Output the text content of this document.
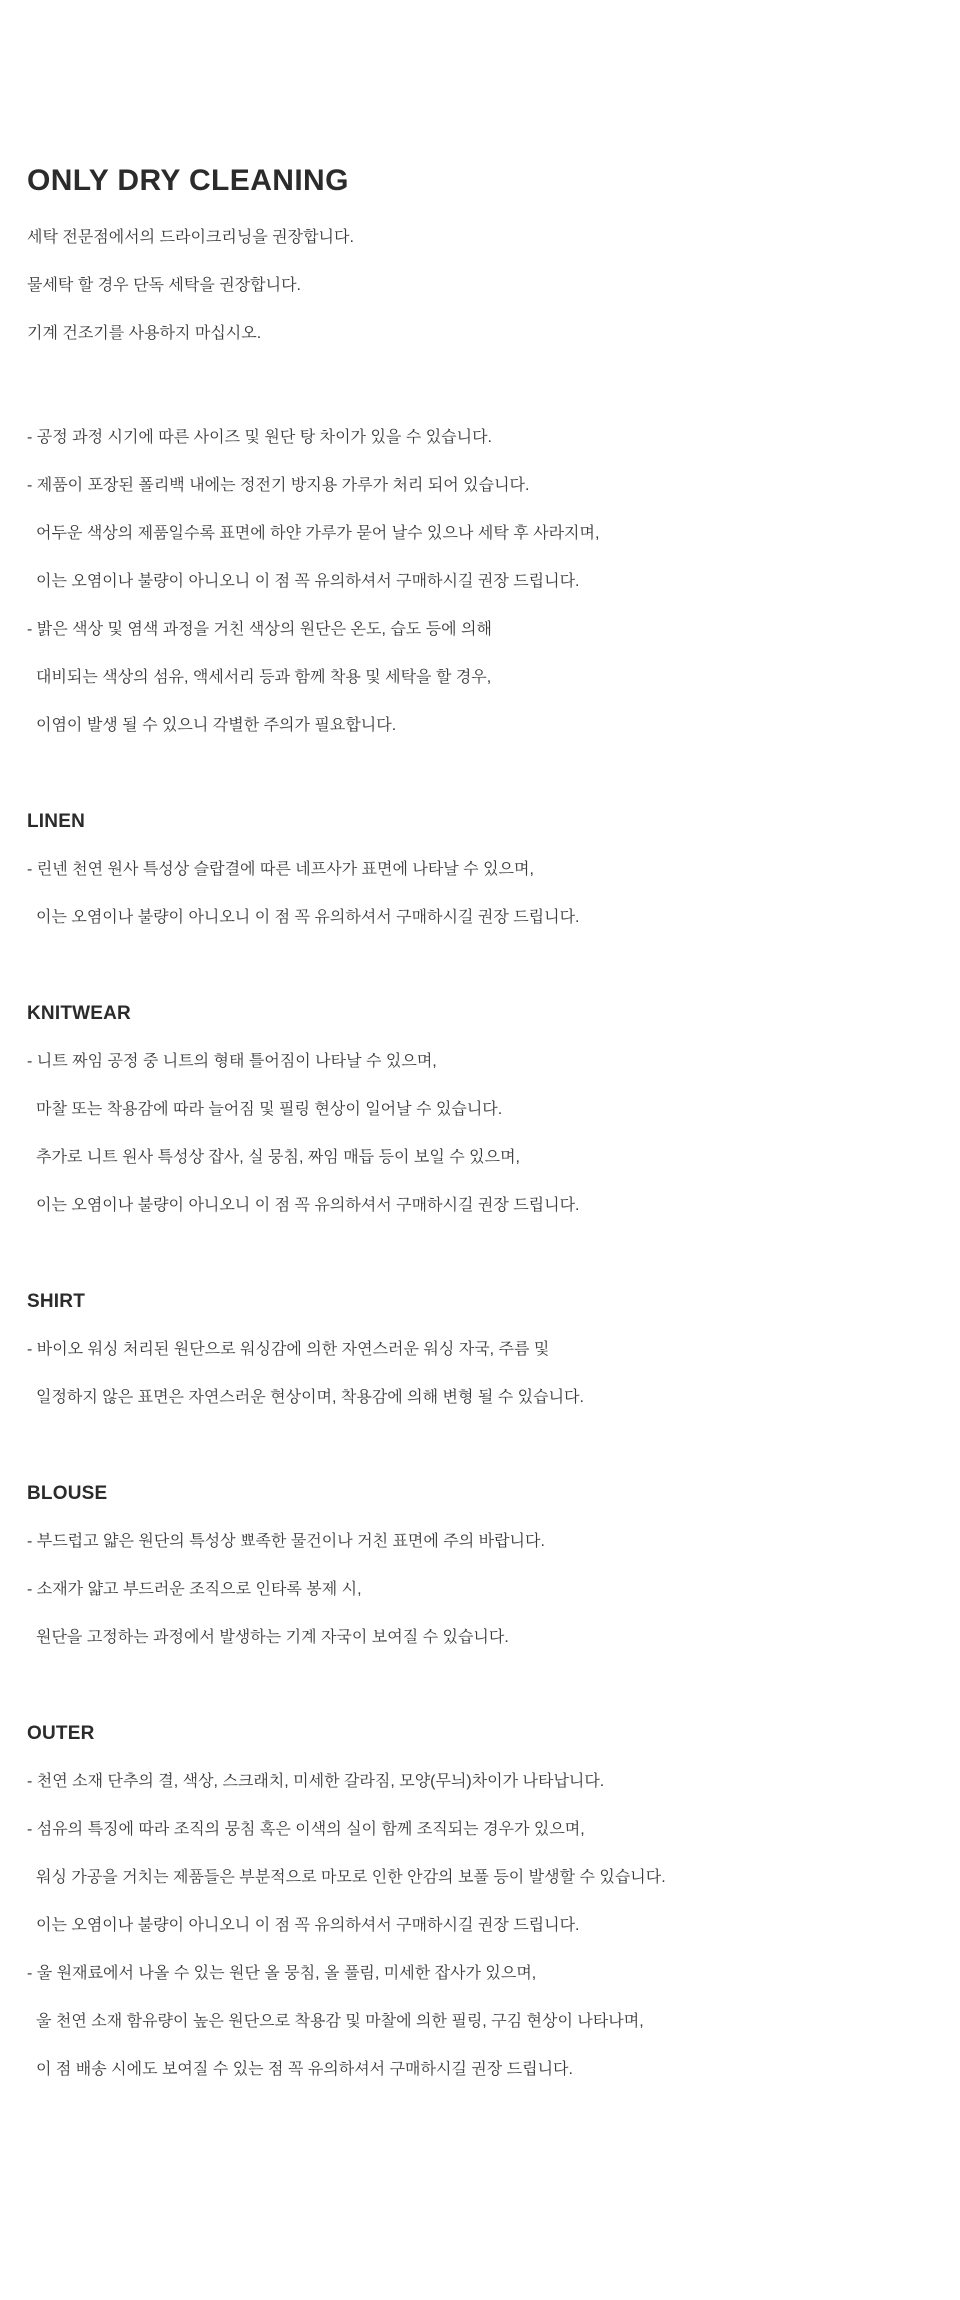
ONLY DRY CLEANING

세탁 전문점에서의 드라이크리닝을 권장합니다.

물세탁 할 경우 단독 세탁을 권장합니다.

기계 건조기를 사용하지 마십시오.

- 공정 과정 시기에 따른 사이즈 및 원단 탕 차이가 있을 수 있습니다.

- 제품이 포장된 폴리백 내에는 정전기 방지용 가루가 처리 되어 있습니다.

어두운 색상의 제품일수록 표면에 하얀 가루가 묻어 날수 있으나 세탁 후 사라지며,

이는 오염이나 불량이 아니오니 이 점 꼭 유의하셔서 구매하시길 권장 드립니다.

- 밝은 색상 및 염색 과정을 거친 색상의 원단은 온도, 습도 등에 의해

대비되는 색상의 섬유, 액세서리 등과 함께 착용 및 세탁을 할 경우,

이염이 발생 될 수 있으니 각별한 주의가 필요합니다.

LINEN

- 린넨 천연 원사 특성상 슬랍결에 따른 네프사가 표면에 나타날 수 있으며,

이는 오염이나 불량이 아니오니 이 점 꼭 유의하셔서 구매하시길 권장 드립니다.

KNITWEAR

- 니트 짜임 공정 중 니트의 형태 틀어짐이 나타날 수 있으며,

마찰 또는 착용감에 따라 늘어짐 및 필링 현상이 일어날 수 있습니다.

추가로 니트 원사 특성상 잡사, 실 뭉침, 짜임 매듭 등이 보일 수 있으며,

이는 오염이나 불량이 아니오니 이 점 꼭 유의하셔서 구매하시길 권장 드립니다.

SHIRT

- 바이오 워싱 처리된 원단으로 워싱감에 의한 자연스러운 워싱 자국, 주름 및

일정하지 않은 표면은 자연스러운 현상이며, 착용감에 의해 변형 될 수 있습니다.

BLOUSE

- 부드럽고 얇은 원단의 특성상 뾰족한 물건이나 거친 표면에 주의 바랍니다.

- 소재가 얇고 부드러운 조직으로 인타록 봉제 시,

원단을 고정하는 과정에서 발생하는 기계 자국이 보여질 수 있습니다.

OUTER

- 천연 소재 단추의 결, 색상, 스크래치, 미세한 갈라짐, 모양(무늬)차이가 나타납니다.

- 섬유의 특징에 따라 조직의 뭉침 혹은 이색의 실이 함께 조직되는 경우가 있으며,

워싱 가공을 거치는 제품들은 부분적으로 마모로 인한 안감의 보풀 등이 발생할 수 있습니다.

이는 오염이나 불량이 아니오니 이 점 꼭 유의하셔서 구매하시길 권장 드립니다.

- 울 원재료에서 나올 수 있는 원단 올 뭉침, 올 풀림, 미세한 잡사가 있으며,

울 천연 소재 함유량이 높은 원단으로 착용감 및 마찰에 의한 필링, 구김 현상이 나타나며,

이 점 배송 시에도 보여질 수 있는 점 꼭 유의하셔서 구매하시길 권장 드립니다.
